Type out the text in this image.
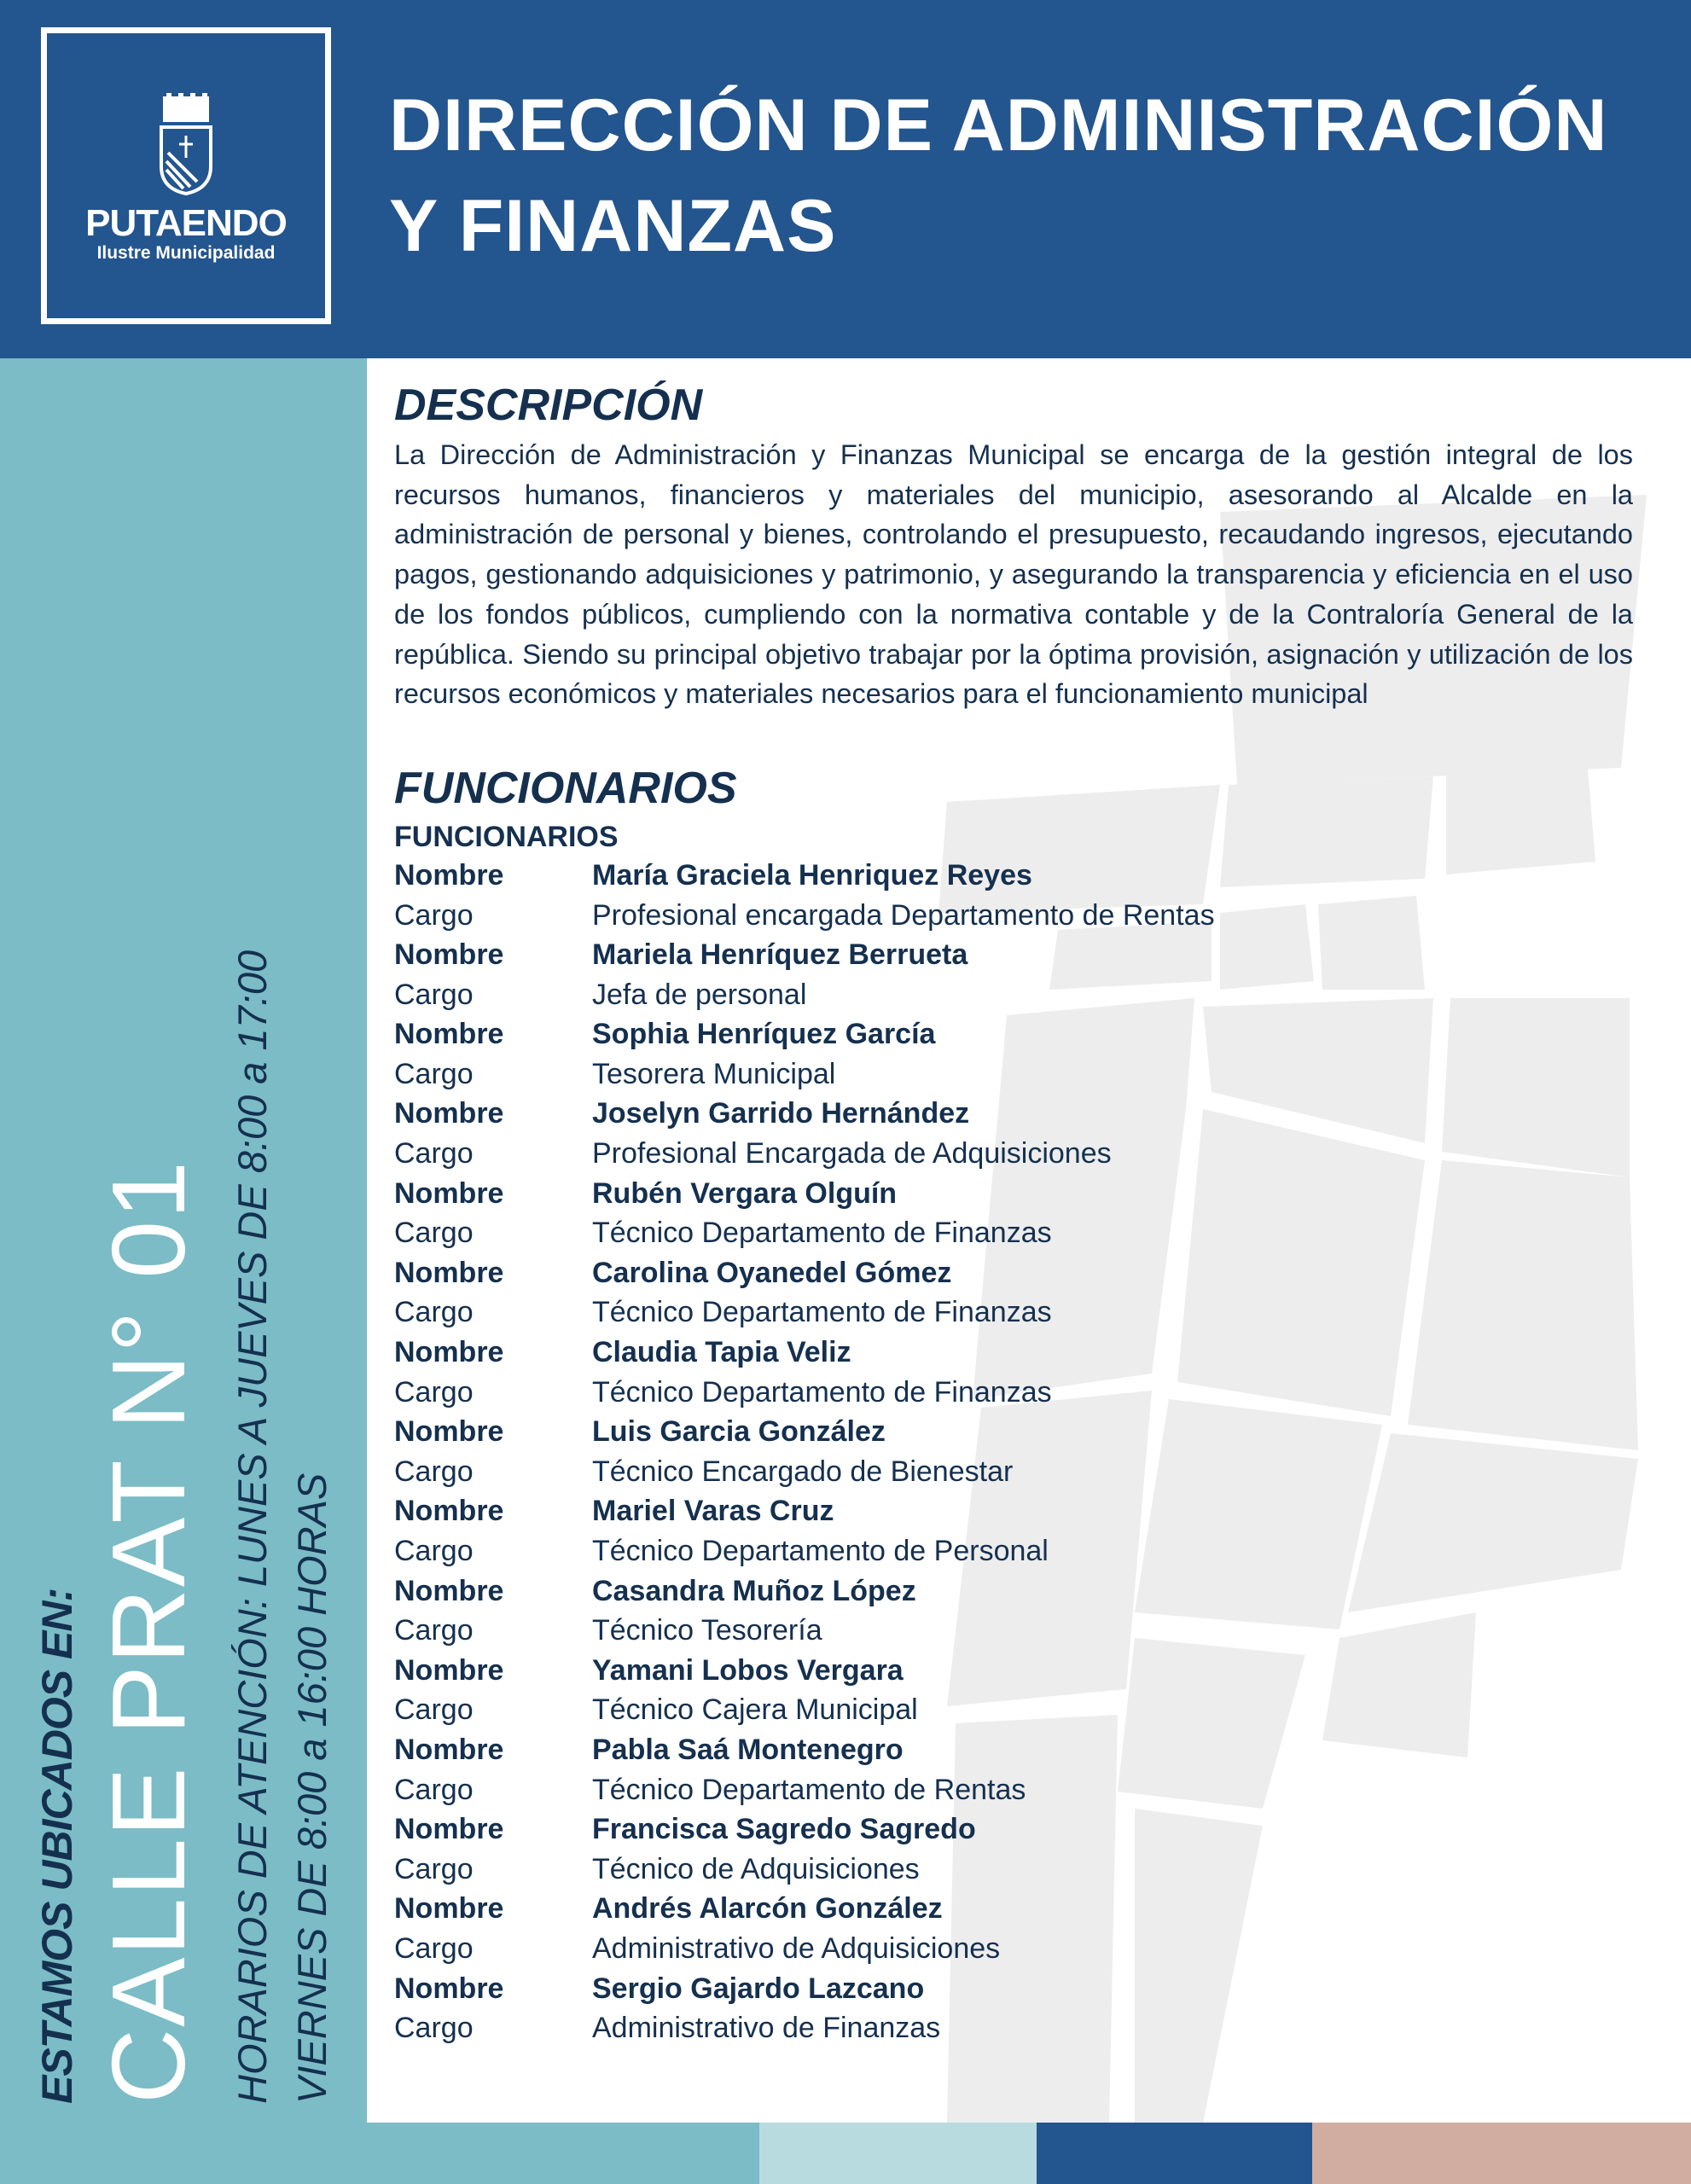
PUTAENDO
Ilustre Municipalidad
DIRECCIÓN DE ADMINISTRACIÓN
Y FINANZAS
ESTAMOS UBICADOS EN: CALLE PRAT N° 01 HORARIOS DE ATENCIÓN: LUNES A JUEVES DE 8:00 a 17:00 VIERNES DE 8:00 a 16:00 HORAS
DESCRIPCIÓN

La Dirección de Administración y Finanzas Municipal se encarga de la gestión integral de los recursos humanos, financieros y materiales del municipio, asesorando al Alcalde en la administración de personal y bienes, controlando el presupuesto, recaudando ingresos, ejecutando pagos, gestionando adquisiciones y patrimonio, y asegurando la transparencia y eficiencia en el uso de los fondos públicos, cumpliendo con la normativa contable y de la Contraloría General de la república. Siendo su principal objetivo trabajar por la óptima provisión, asignación y utilización de los recursos económicos y materiales necesarios para el funcionamiento municipal

FUNCIONARIOS
FUNCIONARIOS
Nombre	María Graciela Henriquez Reyes
Cargo	Profesional encargada Departamento de Rentas
Nombre	Mariela Henríquez Berrueta
Cargo	Jefa de personal
Nombre	Sophia Henríquez García
Cargo	Tesorera Municipal
Nombre	Joselyn Garrido Hernández
Cargo	Profesional Encargada de Adquisiciones
Nombre	Rubén Vergara Olguín
Cargo	Técnico Departamento de Finanzas
Nombre	Carolina Oyanedel Gómez
Cargo	Técnico Departamento de Finanzas
Nombre	Claudia Tapia Veliz
Cargo	Técnico Departamento de Finanzas
Nombre	Luis Garcia González
Cargo	Técnico Encargado de Bienestar
Nombre	Mariel Varas Cruz
Cargo	Técnico Departamento de Personal
Nombre	Casandra Muñoz López
Cargo	Técnico Tesorería
Nombre	Yamani Lobos Vergara
Cargo	Técnico Cajera Municipal
Nombre	Pabla Saá Montenegro
Cargo	Técnico Departamento de Rentas
Nombre	Francisca Sagredo Sagredo
Cargo	Técnico de Adquisiciones
Nombre	Andrés Alarcón González
Cargo	Administrativo de Adquisiciones
Nombre	Sergio Gajardo Lazcano
Cargo	Administrativo de Finanzas
